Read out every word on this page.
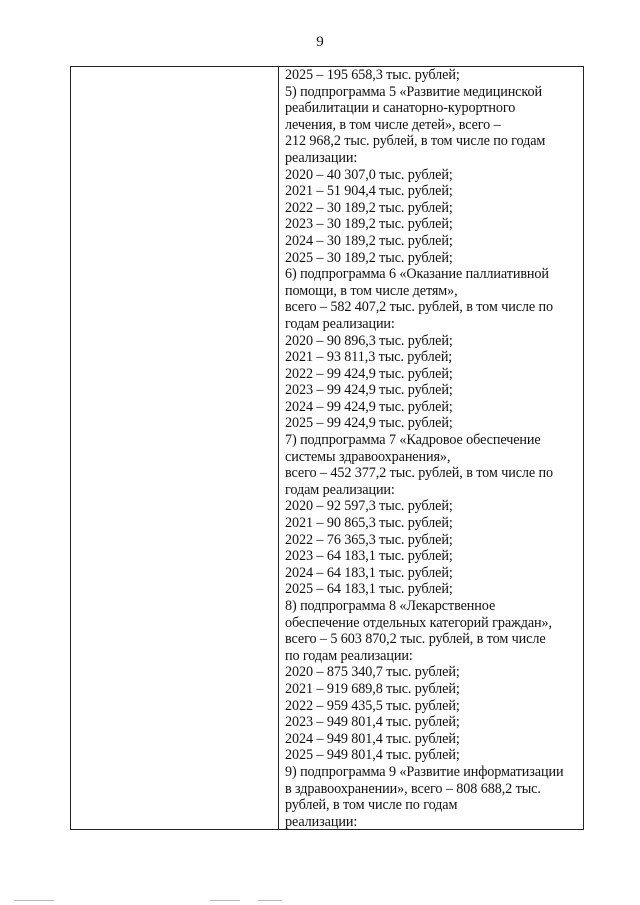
9
2025 – 195 658,3 тыс. рублей;
5) подпрограмма 5 «Развитие медицинской
реабилитации и санаторно-курортного
лечения, в том числе детей», всего –
212 968,2 тыс. рублей, в том числе по годам
реализации:
2020 – 40 307,0 тыс. рублей;
2021 – 51 904,4 тыс. рублей;
2022 – 30 189,2 тыс. рублей;
2023 – 30 189,2 тыс. рублей;
2024 – 30 189,2 тыс. рублей;
2025 – 30 189,2 тыс. рублей;
6) подпрограмма 6 «Оказание паллиативной
помощи, в том числе детям»,
всего – 582 407,2 тыс. рублей, в том числе по
годам реализации:
2020 – 90 896,3 тыс. рублей;
2021 – 93 811,3 тыс. рублей;
2022 – 99 424,9 тыс. рублей;
2023 – 99 424,9 тыс. рублей;
2024 – 99 424,9 тыс. рублей;
2025 – 99 424,9 тыс. рублей;
7) подпрограмма 7 «Кадровое обеспечение
системы здравоохранения»,
всего – 452 377,2 тыс. рублей, в том числе по
годам реализации:
2020 – 92 597,3 тыс. рублей;
2021 – 90 865,3 тыс. рублей;
2022 – 76 365,3 тыс. рублей;
2023 – 64 183,1 тыс. рублей;
2024 – 64 183,1 тыс. рублей;
2025 – 64 183,1 тыс. рублей;
8) подпрограмма 8 «Лекарственное
обеспечение отдельных категорий граждан»,
всего – 5 603 870,2 тыс. рублей, в том числе
по годам реализации:
2020 – 875 340,7 тыс. рублей;
2021 – 919 689,8 тыс. рублей;
2022 – 959 435,5 тыс. рублей;
2023 – 949 801,4 тыс. рублей;
2024 – 949 801,4 тыс. рублей;
2025 – 949 801,4 тыс. рублей;
9) подпрограмма 9 «Развитие информатизации
в здравоохранении», всего – 808 688,2 тыс.
рублей, в том числе по годам
реализации:
